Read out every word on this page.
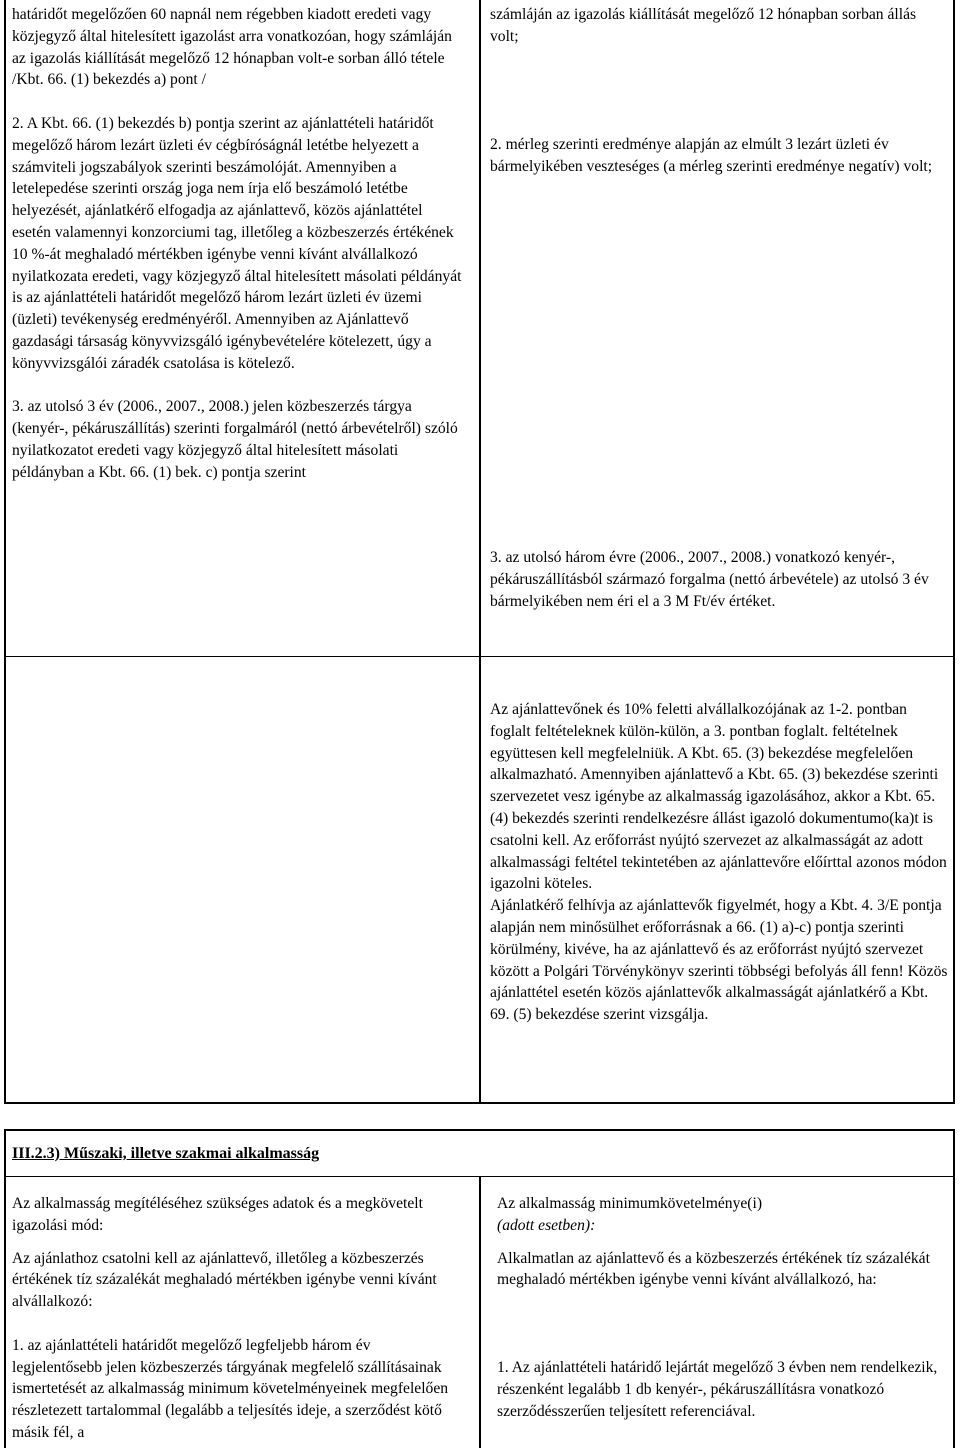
határidőt megelőzően 60 napnál nem régebben kiadott eredeti vagy közjegyző által hitelesített igazolást arra vonatkozóan, hogy számláján az igazolás kiállítását megelőző 12 hónapban volt-e sorban álló tétele /Kbt. 66. (1) bekezdés a) pont /

2. A Kbt. 66. (1) bekezdés b) pontja szerint az ajánlattételi határidőt megelőző három lezárt üzleti év cégbíróságnál letétbe helyezett a számviteli jogszabályok szerinti beszámolóját. Amennyiben a letelepedése szerinti ország joga nem írja elő beszámoló letétbe helyezését, ajánlatkérő elfogadja az ajánlattevő, közös ajánlattétel esetén valamennyi konzorciumi tag, illetőleg a közbeszerzés értékének 10 %-át meghaladó mértékben igénybe venni kívánt alvállalkozó nyilatkozata eredeti, vagy közjegyző által hitelesített másolati példányát is az ajánlattételi határidőt megelőző három lezárt üzleti év üzemi (üzleti) tevékenység eredményéről. Amennyiben az Ajánlattevő gazdasági társaság könyvvizsgáló igénybevételére kötelezett, úgy a könyvvizsgálói záradék csatolása is kötelező.

3. az utolsó 3 év (2006., 2007., 2008.) jelen közbeszerzés tárgya (kenyér-, pékáruszállítás) szerinti forgalmáról (nettó árbevételről) szóló nyilatkozatot eredeti vagy közjegyző által hitelesített másolati példányban a Kbt. 66. (1) bek. c) pontja szerint

számláján az igazolás kiállítását megelőző 12 hónapban sorban állás volt;

2. mérleg szerinti eredménye alapján az elmúlt 3 lezárt üzleti év bármelyikében veszteséges (a mérleg szerinti eredménye negatív) volt;

3. az utolsó három évre (2006., 2007., 2008.) vonatkozó kenyér-, pékáruszállításból származó forgalma (nettó árbevétele) az utolsó 3 év bármelyikében nem éri el a 3 M Ft/év értéket.

Az ajánlattevőnek és 10% feletti alvállalkozójának az 1-2. pontban foglalt feltételeknek külön-külön, a 3. pontban foglalt. feltételnek együttesen kell megfelelniük. A Kbt. 65. (3) bekezdése megfelelően alkalmazható. Amennyiben ajánlattevő a Kbt. 65. (3) bekezdése szerinti szervezetet vesz igénybe az alkalmasság igazolásához, akkor a Kbt. 65. (4) bekezdés szerinti rendelkezésre állást igazoló dokumentumo(ka)t is csatolni kell. Az erőforrást nyújtó szervezet az alkalmasságát az adott alkalmassági feltétel tekintetében az ajánlattevőre előírttal azonos módon igazolni köteles.

Ajánlatkérő felhívja az ajánlattevők figyelmét, hogy a Kbt. 4. 3/E pontja alapján nem minősülhet erőforrásnak a 66. (1) a)-c) pontja szerinti körülmény, kivéve, ha az ajánlattevő és az erőforrást nyújtó szervezet között a Polgári Törvénykönyv szerinti többségi befolyás áll fenn! Közös ajánlattétel esetén közös ajánlattevők alkalmasságát ajánlatkérő a Kbt. 69. (5) bekezdése szerint vizsgálja.

III.2.3) Műszaki, illetve szakmai alkalmasság

Az alkalmasság megítéléséhez szükséges adatok és a megkövetelt igazolási mód:

Az ajánlathoz csatolni kell az ajánlattevő, illetőleg a közbeszerzés értékének tíz százalékát meghaladó mértékben igénybe venni kívánt alvállalkozó:

1. az ajánlattételi határidőt megelőző legfeljebb három év legjelentősebb jelen közbeszerzés tárgyának megfelelő szállításainak ismertetését az alkalmasság minimum követelményeinek megfelelően részletezett tartalommal (legalább a teljesítés ideje, a szerződést kötő másik fél, a

Az alkalmasság minimumkövetelménye(i)

(adott esetben):

Alkalmatlan az ajánlattevő és a közbeszerzés értékének tíz százalékát meghaladó mértékben igénybe venni kívánt alvállalkozó, ha:

1. Az ajánlattételi határidő lejártát megelőző 3 évben nem rendelkezik, részenként legalább 1 db kenyér-, pékáruszállításra vonatkozó szerződésszerűen teljesített referenciával.
